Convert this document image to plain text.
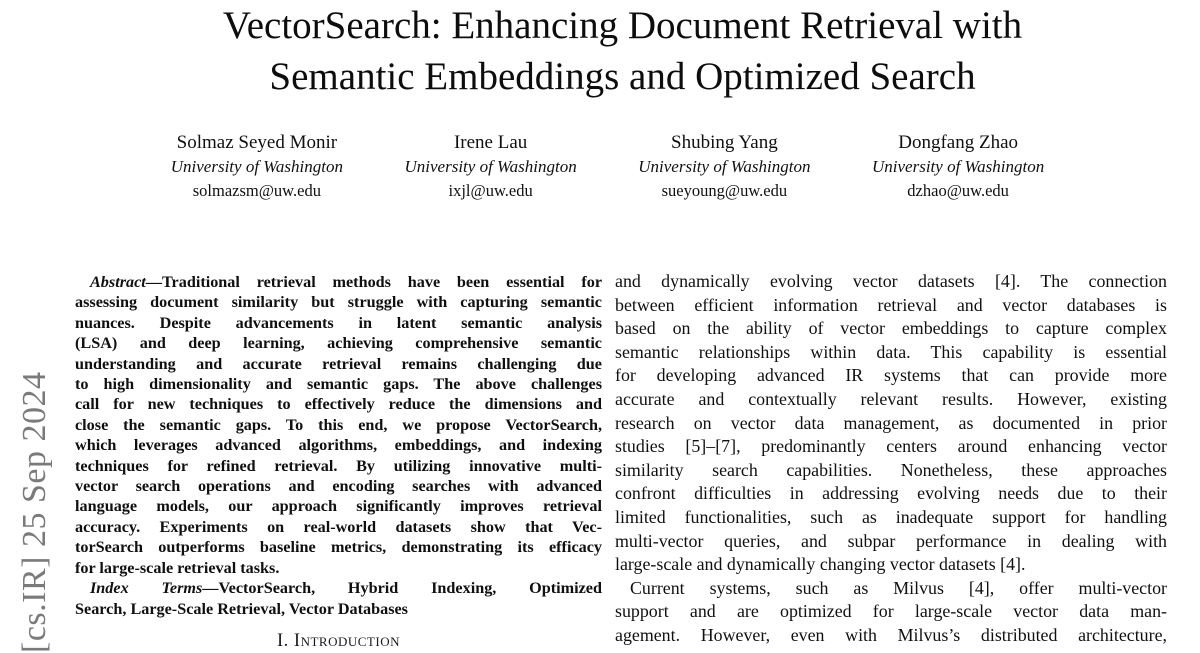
[cs.IR] 25 Sep 2024
VectorSearch: Enhancing Document Retrieval with
Semantic Embeddings and Optimized Search
Solmaz Seyed Monir
University of Washington
solmazsm@uw.edu
Irene Lau
University of Washington
ixjl@uw.edu
Shubing Yang
University of Washington
sueyoung@uw.edu
Dongfang Zhao
University of Washington
dzhao@uw.edu
Abstract—Traditional retrieval methods have been essential for
assessing document similarity but struggle with capturing semantic
nuances. Despite advancements in latent semantic analysis
(LSA) and deep learning, achieving comprehensive semantic
understanding and accurate retrieval remains challenging due
to high dimensionality and semantic gaps. The above challenges
call for new techniques to effectively reduce the dimensions and
close the semantic gaps. To this end, we propose VectorSearch,
which leverages advanced algorithms, embeddings, and indexing
techniques for refined retrieval. By utilizing innovative multi-
vector search operations and encoding searches with advanced
language models, our approach significantly improves retrieval
accuracy. Experiments on real-world datasets show that Vec-
torSearch outperforms baseline metrics, demonstrating its efficacy
for large-scale retrieval tasks.
Index Terms—VectorSearch, Hybrid Indexing, Optimized
Search, Large-Scale Retrieval, Vector Databases
and dynamically evolving vector datasets [4]. The connection
between efficient information retrieval and vector databases is
based on the ability of vector embeddings to capture complex
semantic relationships within data. This capability is essential
for developing advanced IR systems that can provide more
accurate and contextually relevant results. However, existing
research on vector data management, as documented in prior
studies [5]–[7], predominantly centers around enhancing vector
similarity search capabilities. Nonetheless, these approaches
confront difficulties in addressing evolving needs due to their
limited functionalities, such as inadequate support for handling
multi-vector queries, and subpar performance in dealing with
large-scale and dynamically changing vector datasets [4].
Current systems, such as Milvus [4], offer multi-vector
support and are optimized for large-scale vector data man-
agement. However, even with Milvus’s distributed architecture,
I. Introduction
